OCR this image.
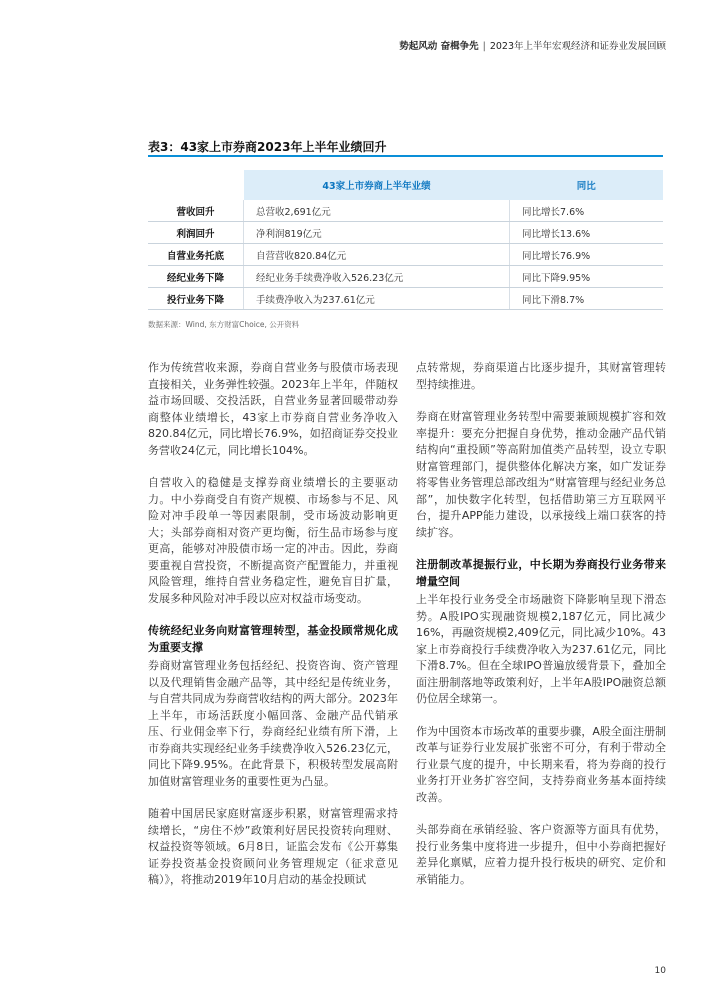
势起风动 奋楫争先 | 2023年上半年宏观经济和证券业发展回顾
表3：43家上市券商2023年上半年业绩回升
	43家上市券商上半年业绩	同比
营收回升	总营收2,691亿元	同比增长7.6%
利润回升	净利润819亿元	同比增长13.6%
自营业务托底	自营营收820.84亿元	同比增长76.9%
经纪业务下降	经纪业务手续费净收入526.23亿元	同比下降9.95%
投行业务下降	手续费净收入为237.61亿元	同比下滑8.7%
数据来源：Wind, 东方财富Choice, 公开资料

作为传统营收来源，券商自营业务与股债市场表现直接相关，业务弹性较强。2023年上半年，伴随权益市场回暖、交投活跃，自营业务显著回暖带动券商整体业绩增长，43家上市券商自营业务净收入820.84亿元，同比增长76.9%，如招商证券交投业务营收24亿元，同比增长104%。

自营收入的稳健是支撑券商业绩增长的主要驱动力。中小券商受自有资产规模、市场参与不足、风险对冲手段单一等因素限制，受市场波动影响更大；头部券商相对资产更均衡，衍生品市场参与度更高，能够对冲股债市场一定的冲击。因此，券商要重视自营投资，不断提高资产配置能力，并重视风险管理，维持自营业务稳定性，避免盲目扩量，发展多种风险对冲手段以应对权益市场变动。

传统经纪业务向财富管理转型，基金投顾常规化成为重要支撑

券商财富管理业务包括经纪、投资咨询、资产管理以及代理销售金融产品等，其中经纪是传统业务，与自营共同成为券商营收结构的两大部分。2023年上半年，市场活跃度小幅回落、金融产品代销承压、行业佣金率下行，券商经纪业绩有所下滑，上市券商共实现经纪业务手续费净收入526.23亿元，同比下降9.95%。在此背景下，积极转型发展高附加值财富管理业务的重要性更为凸显。

随着中国居民家庭财富逐步积累，财富管理需求持续增长，“房住不炒”政策利好居民投资转向理财、权益投资等领域。6月8日，证监会发布《公开募集证券投资基金投资顾问业务管理规定（征求意见稿）》，将推动2019年10月启动的基金投顾试

点转常规，券商渠道占比逐步提升，其财富管理转型持续推进。

券商在财富管理业务转型中需要兼顾规模扩容和效率提升：要充分把握自身优势，推动金融产品代销结构向“重投顾”等高附加值类产品转型，设立专职财富管理部门，提供整体化解决方案，如广发证券将零售业务管理总部改组为“财富管理与经纪业务总部”，加快数字化转型，包括借助第三方互联网平台，提升APP能力建设，以承接线上端口获客的持续扩容。

注册制改革提振行业，中长期为券商投行业务带来增量空间

上半年投行业务受全市场融资下降影响呈现下滑态势。A股IPO实现融资规模2,187亿元，同比减少16%，再融资规模2,409亿元，同比减少10%。43家上市券商投行手续费净收入为237.61亿元，同比下滑8.7%。但在全球IPO普遍放缓背景下，叠加全面注册制落地等政策利好，上半年A股IPO融资总额仍位居全球第一。

作为中国资本市场改革的重要步骤，A股全面注册制改革与证券行业发展扩张密不可分，有利于带动全行业景气度的提升，中长期来看，将为券商的投行业务打开业务扩容空间，支持券商业务基本面持续改善。

头部券商在承销经验、客户资源等方面具有优势，投行业务集中度将进一步提升，但中小券商把握好差异化禀赋，应着力提升投行板块的研究、定价和承销能力。

10
